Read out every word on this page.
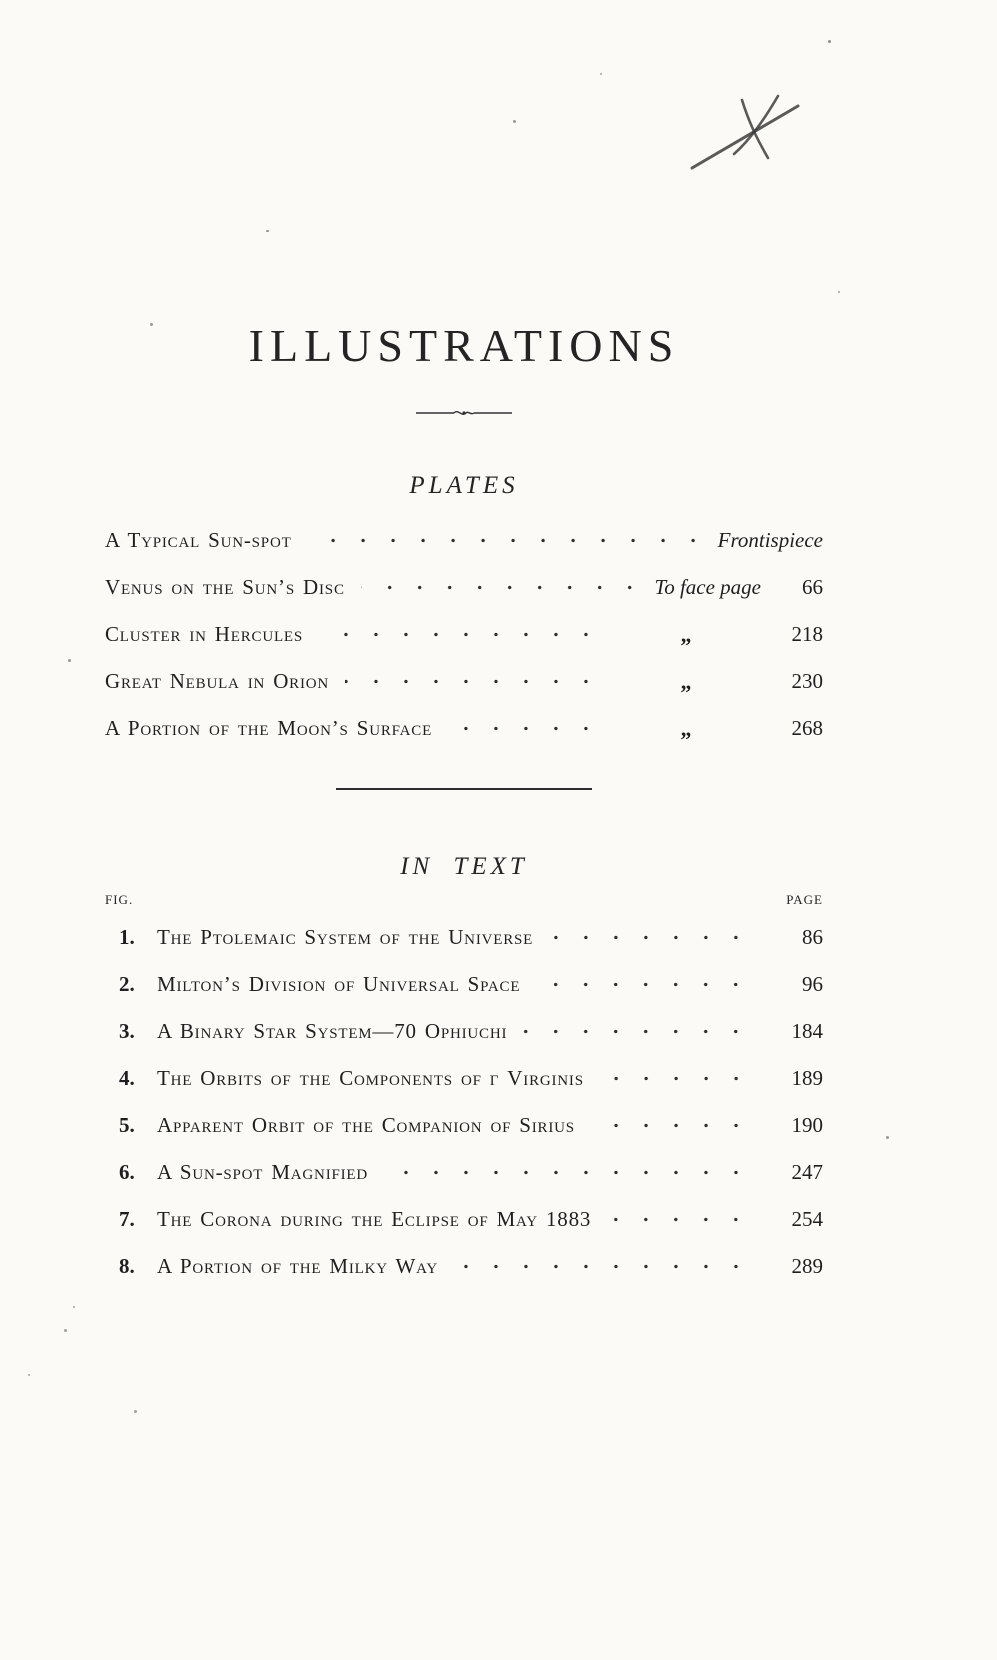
ILLUSTRATIONS
PLATES
A Typical Sun-spot	Frontispiece
Venus on the Sun’s Disc	To face page	66
Cluster in Hercules	„	218
Great Nebula in Orion	„	230
A Portion of the Moon’s Surface	„	268
IN TEXT
FIG.	PAGE
1.	The Ptolemaic System of the Universe	86
2.	Milton’s Division of Universal Space	96
3.	A Binary Star System—70 Ophiuchi	184
4.	The Orbits of the Components of γ Virginis	189
5.	Apparent Orbit of the Companion of Sirius	190
6.	A Sun-spot Magnified	247
7.	The Corona during the Eclipse of May 1883	254
8.	A Portion of the Milky Way	289
